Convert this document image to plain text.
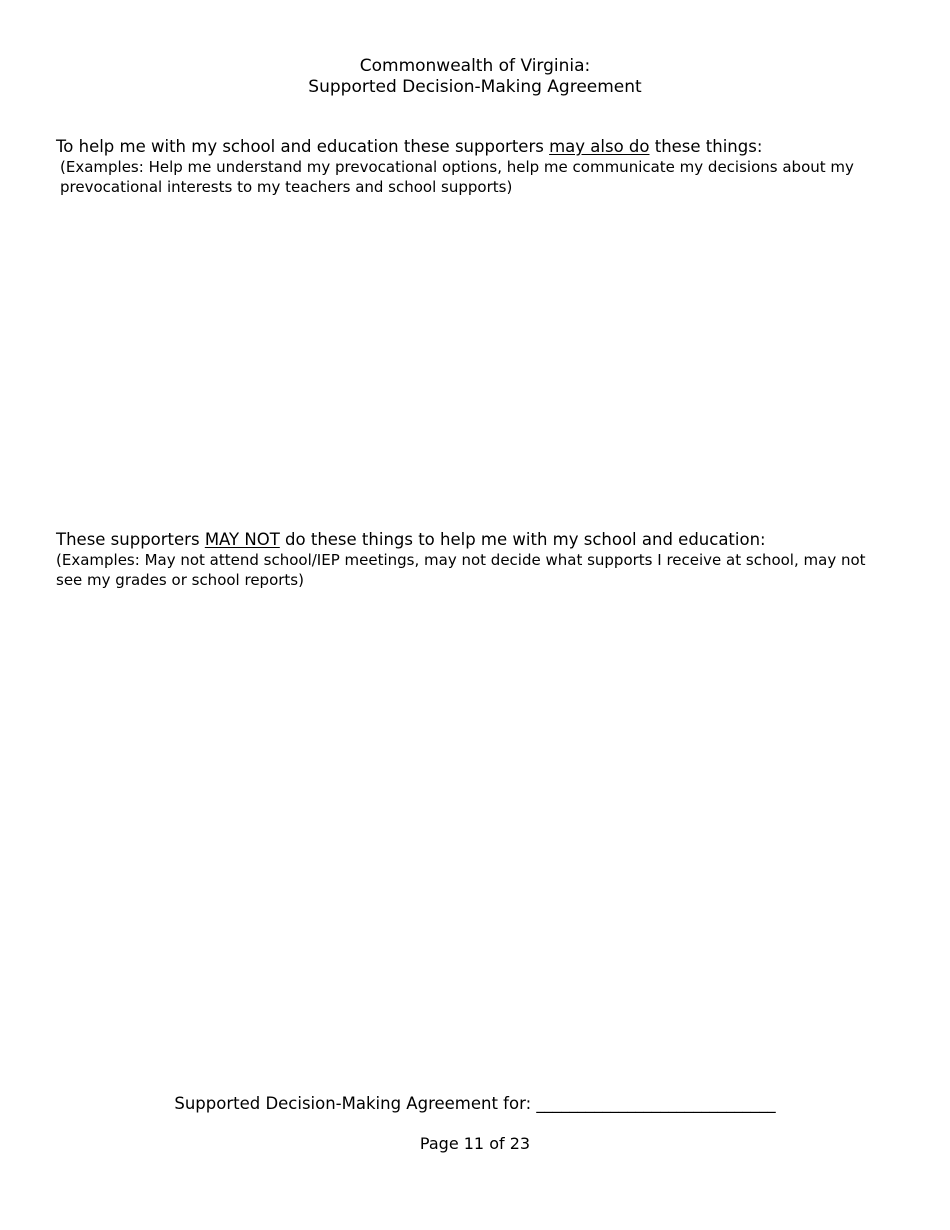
Commonwealth of Virginia:
Supported Decision-Making Agreement
To help me with my school and education these supporters may also do these things:
(Examples: Help me understand my prevocational options, help me communicate my decisions about my prevocational interests to my teachers and school supports)
These supporters MAY NOT do these things to help me with my school and education:
(Examples: May not attend school/IEP meetings, may not decide what supports I receive at school, may not see my grades or school reports)
Supported Decision-Making Agreement for: _____________________________
Page 11 of 23
